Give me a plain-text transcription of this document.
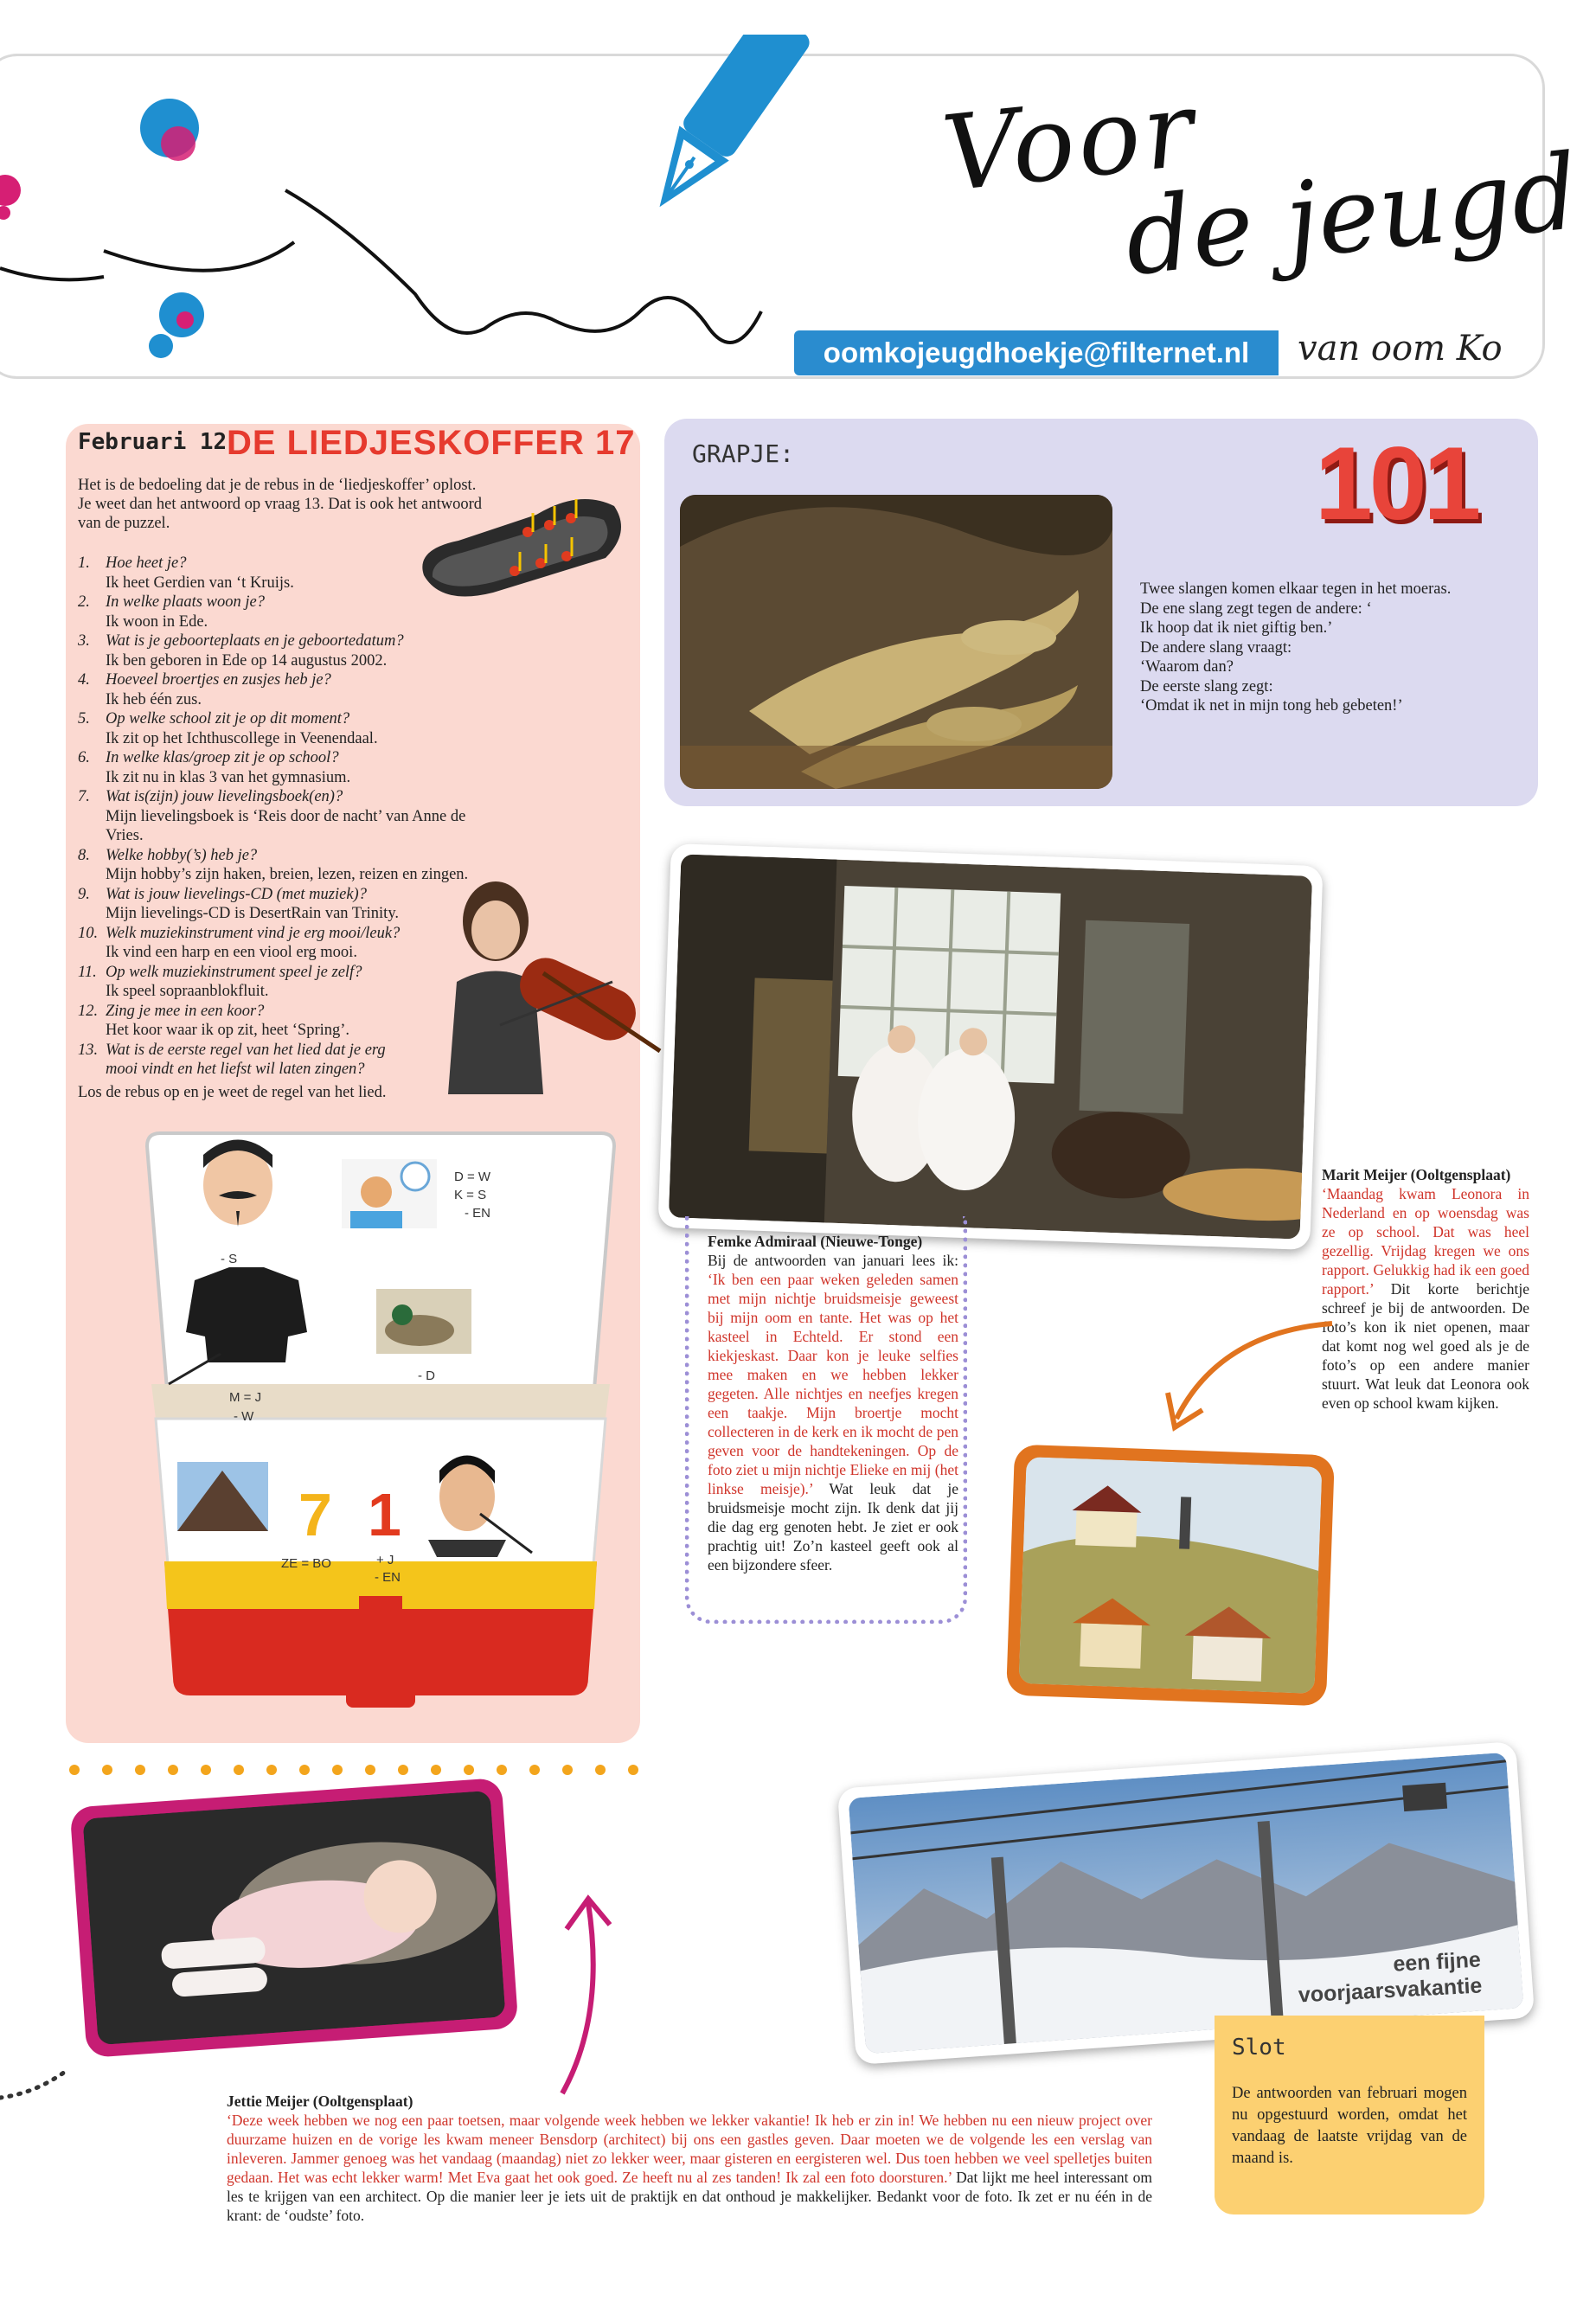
Voor
de jeugd
oomkojeugdhoekje@filternet.nl	van oom Ko
Februari 12 DE LIEDJESKOFFER 17
Het is de bedoeling dat je de rebus in de ‘liedjeskoffer’ oplost. Je weet dan het antwoord op vraag 13. Dat is ook het antwoord van de puzzel.
1. Hoe heet je?
Ik heet Gerdien van ‘t Kruijs.
2. In welke plaats woon je?
Ik woon in Ede.
3. Wat is je geboorteplaats en je geboortedatum?
Ik ben geboren in Ede op 14 augustus 2002.
4. Hoeveel broertjes en zusjes heb je?
Ik heb één zus.
5. Op welke school zit je op dit moment?
Ik zit op het Ichthuscollege in Veenendaal.
6. In welke klas/groep zit je op school?
Ik zit nu in klas 3 van het gymnasium.
7. Wat is(zijn) jouw lievelingsboek(en)?
Mijn lievelingsboek is ‘Reis door de nacht’ van Anne de Vries.
8. Welke hobby(’s) heb je?
Mijn hobby’s zijn haken, breien, lezen, reizen en zingen.
9. Wat is jouw lievelings-CD (met muziek)?
Mijn lievelings-CD is DesertRain van Trinity.
10. Welk muziekinstrument vind je erg mooi/leuk?
Ik vind een harp en een viool erg mooi.
11. Op welk muziekinstrument speel je zelf?
Ik speel sopraanblokfluit.
12. Zing je mee in een koor?
Het koor waar ik op zit, heet ‘Spring’.
13. Wat is de eerste regel van het lied dat je erg mooi vindt en het liefst wil laten zingen?
Los de rebus op en je weet de regel van het lied.
- S
D = W
K = S
- EN
M = J
- W
- D
ZE = BO
7 1
+ J
- EN
GRAPJE:	101
Twee slangen komen elkaar tegen in het moeras.
De ene slang zegt tegen de andere: ‘
Ik hoop dat ik niet giftig ben.’
De andere slang vraagt:
‘Waarom dan?
De eerste slang zegt:
‘Omdat ik net in mijn tong heb gebeten!’
Femke Admiraal (Nieuwe-Tonge)
Bij de antwoorden van januari lees ik: ‘Ik ben een paar weken geleden samen met mijn nichtje bruidsmeisje geweest bij mijn oom en tante. Het was op het kasteel in Echteld. Er stond een kiekjeskast. Daar kon je leuke selfies mee maken en we hebben lekker gegeten. Alle nichtjes en neefjes kregen een taakje. Mijn broertje mocht collecteren in de kerk en ik mocht de pen geven voor de handtekeningen. Op de foto ziet u mijn nichtje Elieke en mij (het linkse meisje).’ Wat leuk dat je bruidsmeisje mocht zijn. Ik denk dat jij die dag erg genoten hebt. Je ziet er ook prachtig uit! Zo’n kasteel geeft ook al een bijzondere sfeer.
Marit Meijer (Ooltgensplaat)
‘Maandag kwam Leonora in Nederland en op woensdag was ze op school. Dat was heel gezellig. Vrijdag kregen we ons rapport. Gelukkig had ik een goed rapport.’ Dit korte berichtje schreef je bij de antwoorden. De foto’s kon ik niet openen, maar dat komt nog wel goed als je de foto’s op een andere manier stuurt. Wat leuk dat Leonora ook even op school kwam kijken.
een fijne
voorjaarsvakantie
Jettie Meijer (Ooltgensplaat)
‘Deze week hebben we nog een paar toetsen, maar volgende week hebben we lekker vakantie! Ik heb er zin in! We hebben nu een nieuw project over duurzame huizen en de vorige les kwam meneer Bensdorp (architect) bij ons een gastles geven. Daar moeten we de volgende les een verslag van inleveren. Jammer genoeg was het vandaag (maandag) niet zo lekker weer, maar gisteren en eergisteren wel. Dus toen hebben we veel spelletjes buiten gedaan. Het was echt lekker warm! Met Eva gaat het ook goed. Ze heeft nu al zes tanden! Ik zal een foto doorsturen.’ Dat lijkt me heel interessant om les te krijgen van een architect. Op die manier leer je iets uit de praktijk en dat onthoud je makkelijker. Bedankt voor de foto. Ik zet er nu één in de krant: de ‘oudste’ foto.
Slot
De antwoorden van februari mogen nu opgestuurd worden, omdat het vandaag de laatste vrijdag van de maand is.
